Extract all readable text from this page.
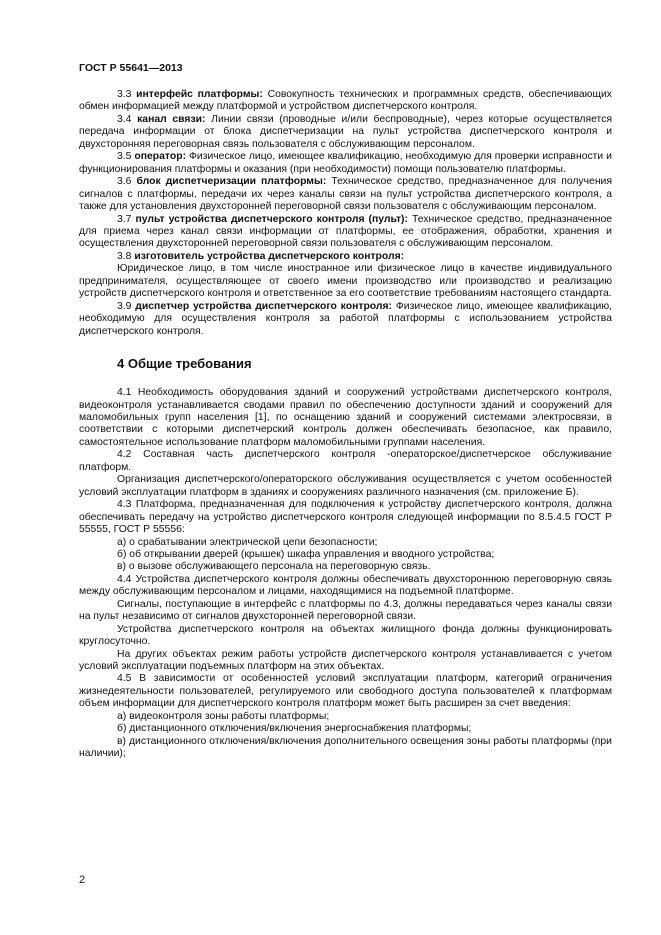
ГОСТ Р 55641—2013

3.3 интерфейс платформы: Совокупность технических и программных средств, обеспечивающих обмен информацией между платформой и устройством диспетчерского контроля.

3.4 канал связи: Линии связи (проводные и/или беспроводные), через которые осуществляется передача информации от блока диспетчеризации на пульт устройства диспетчерского контроля и двухсторонняя переговорная связь пользователя с обслуживающим персоналом.

3.5 оператор: Физическое лицо, имеющее квалификацию, необходимую для проверки исправности и функционирования платформы и оказания (при необходимости) помощи пользователю платформы.

3.6 блок диспетчеризации платформы: Техническое средство, предназначенное для получения сигналов с платформы, передачи их через каналы связи на пульт устройства диспетчерского контроля, а также для установления двухсторонней переговорной связи пользователя с обслуживающим персоналом.

3.7 пульт устройства диспетчерского контроля (пульт): Техническое средство, предназначенное для приема через канал связи информации от платформы, ее отображения, обработки, хранения и осуществления двухсторонней переговорной связи пользователя с обслуживающим персоналом.

3.8 изготовитель устройства диспетчерского контроля:

Юридическое лицо, в том числе иностранное или физическое лицо в качестве индивидуального предпринимателя, осуществляющее от своего имени производство или производство и реализацию устройств диспетчерского контроля и ответственное за его соответствие требованиям настоящего стандарта.

3.9 диспетчер устройства диспетчерского контроля: Физическое лицо, имеющее квалификацию, необходимую для осуществления контроля за работой платформы с использованием устройства диспетчерского контроля.

4 Общие требования

4.1 Необходимость оборудования зданий и сооружений устройствами диспетчерского контроля, видеоконтроля устанавливается сводами правил по обеспечению доступности зданий и сооружений для маломобильных групп населения [1], по оснащению зданий и сооружений системами электросвязи, в соответствии с которыми диспетчерский контроль должен обеспечивать безопасное, как правило, самостоятельное использование платформ маломобильными группами населения.

4.2 Составная часть диспетчерского контроля -операторское/диспетчерское обслуживание платформ.

Организация диспетчерского/операторского обслуживания осуществляется с учетом особенностей условий эксплуатации платформ в зданиях и сооружениях различного назначения (см. приложение Б).

4.3 Платформа, предназначенная для подключения к устройству диспетчерского контроля, должна обеспечивать передачу на устройство диспетчерского контроля следующей информации по 8.5.4.5 ГОСТ Р 55555, ГОСТ Р 55556:

а) о срабатывании электрической цепи безопасности;

б) об открывании дверей (крышек) шкафа управления и вводного устройства;

в) о вызове обслуживающего персонала на переговорную связь.

4.4 Устройства диспетчерского контроля должны обеспечивать двухстороннюю переговорную связь между обслуживающим персоналом и лицами, находящимися на подъемной платформе.

Сигналы, поступающие в интерфейс с платформы по 4.3, должны передаваться через каналы связи на пульт независимо от сигналов двухсторонней переговорной связи.

Устройства диспетчерского контроля на объектах жилищного фонда должны функционировать круглосуточно.

На других объектах режим работы устройств диспетчерского контроля устанавливается с учетом условий эксплуатации подъемных платформ на этих объектах.

4.5 В зависимости от особенностей условий эксплуатации платформ, категорий ограничения жизнедеятельности пользователей, регулируемого или свободного доступа пользователей к платформам объем информации для диспетчерского контроля платформ может быть расширен за счет введения:

а) видеоконтроля зоны работы платформы;

б) дистанционного отключения/включения энергоснабжения платформы;

в) дистанционного отключения/включения дополнительного освещения зоны работы платформы (при наличии);

2
